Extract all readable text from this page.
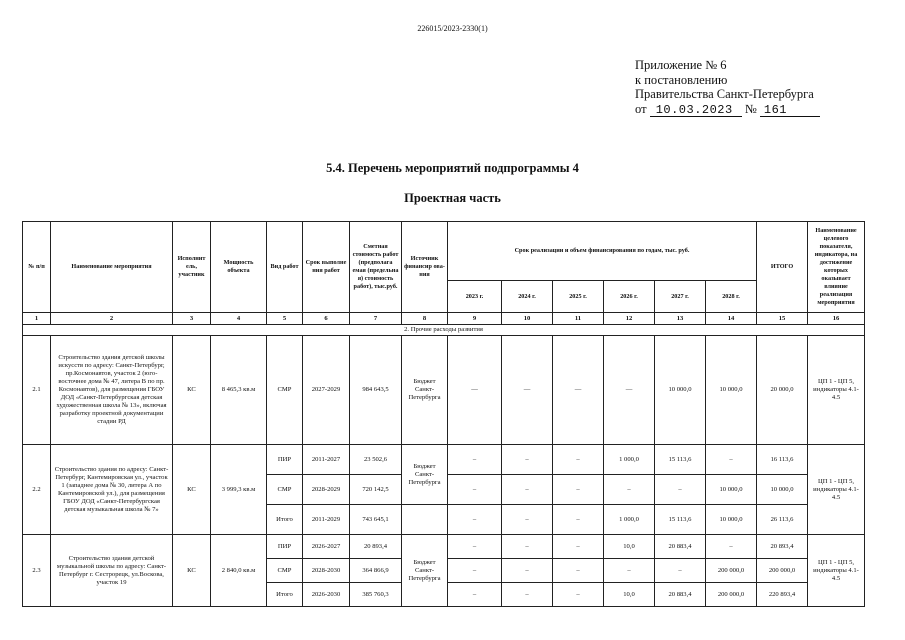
226015/2023-2330(1)
Приложение № 6
к постановлению
Правительства Санкт-Петербурга
от 10.03.2023 № 161
5.4. Перечень мероприятий подпрограммы 4
Проектная часть
№ п/п	Наименование мероприятия	Исполнит ель, участник	Мощность объекта	Вид работ	Срок выполне ния работ	Сметная стоимость работ (предполага емая (предельна я) стоимость работ), тыс.руб.	Источник финансир ова-ния	Срок реализации и объем финансирования по годам, тыс. руб.						ИТОГО	Наименование целевого показателя, индикатора, на достижение которых оказывает влияние реализация мероприятия
								2023 г.	2024 г.	2025 г.	2026 г.	2027 г.	2028 г.		
1	2	3	4	5	6	7	8	9	10	11	12	13	14	15	16
2. Прочие расходы развития															
2.1	Строительство здания детской школы искусств по адресу: Санкт-Петербург, пр.Космонавтов, участок 2 (юго-восточнее дома № 47, литера В по пр. Космонавтов), для размещения ГБОУ ДОД «Санкт-Петербургская детская художественная школа № 13», включая разработку проектной документации стадии РД	КС	8 465,3 кв.м	СМР	2027-2029	984 643,5	Бюджет Санкт-Петербурга	—	—	—	—	10 000,0	10 000,0	20 000,0	ЦП 1 - ЦП 5, индикаторы 4.1-4.5
2.2	Строительство здания по адресу: Санкт-Петербург, Кантемировская ул., участок 1 (западнее дома № 30, литера А по Кантемировской ул.), для размещения ГБОУ ДОД «Санкт-Петербургская детская музыкальная школа № 7»	КС	3 999,3 кв.м	ПИР	2011-2027	23 502,6	Бюджет Санкт-Петербурга	–	–	–	1 000,0	15 113,6	–	16 113,6	ЦП 1 - ЦП 5, индикаторы 4.1-4.5
				СМР	2028-2029	720 142,5		–	–	–	–	–	10 000,0	10 000,0	
				Итого	2011-2029	743 645,1		–	–	–	1 000,0	15 113,6	10 000,0	26 113,6	
2.3	Строительство здания детской музыкальной школы по адресу: Санкт-Петербург г. Сестрорецк, ул.Воскова, участок 19	КС	2 840,0 кв.м	ПИР	2026-2027	20 893,4	Бюджет Санкт-Петербурга	–	–	–	10,0	20 883,4	–	20 893,4	ЦП 1 - ЦП 5, индикаторы 4.1-4.5
				СМР	2028-2030	364 866,9		–	–	–	–	–	200 000,0	200 000,0	
				Итого	2026-2030	385 760,3		–	–	–	10,0	20 883,4	200 000,0	220 893,4	
